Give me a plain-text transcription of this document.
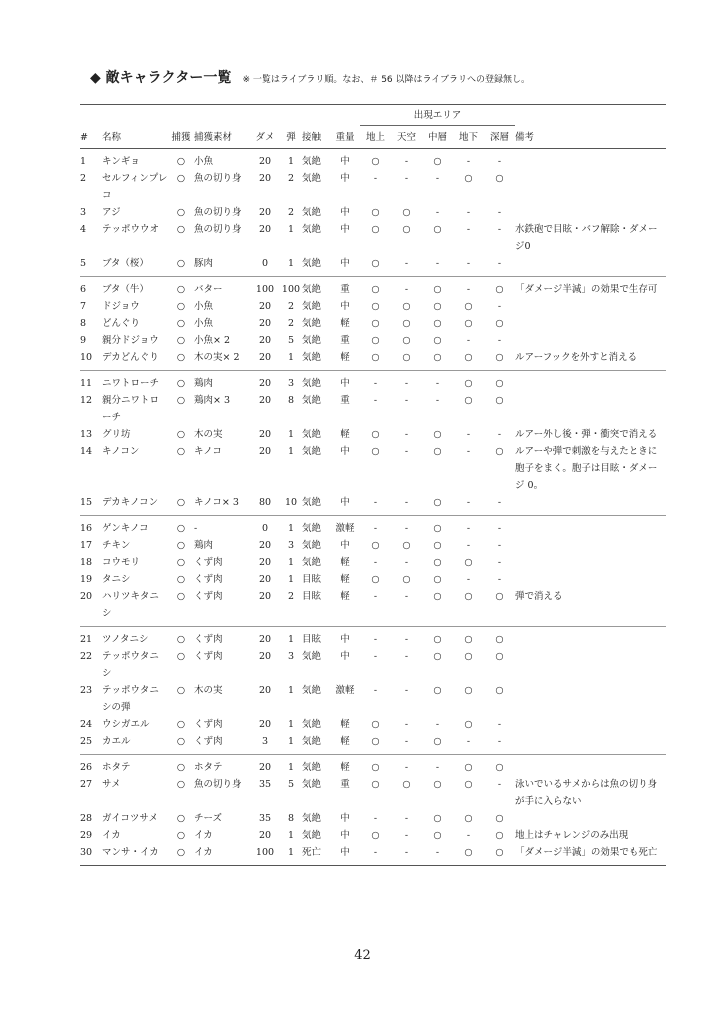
◆ 敵キャラクター一覧 ※ 一覧はライブラリ順。なお、＃ 56 以降はライブラリへの登録無し。
								出現エリア					
#	名称	捕獲	捕獲素材	ダメ	弾	接触	重量	地上	天空	中層	地下	深層	備考
1	キンギョ	○	小魚	20	1	気絶	中	○	-	○	-	-	
2	セルフィンプレコ	○	魚の切り身	20	2	気絶	中	-	-	-	○	○	
3	アジ	○	魚の切り身	20	2	気絶	中	○	○	-	-	-	
4	テッポウウオ	○	魚の切り身	20	1	気絶	中	○	○	○	-	-	水鉄砲で目眩・バフ解除・ダメージ0
5	ブタ（桜）	○	豚肉	0	1	気絶	中	○	-	-	-	-	
6	ブタ（牛）	○	バター	100	100	気絶	重	○	-	○	-	○	「ダメージ半減」の効果で生存可
7	ドジョウ	○	小魚	20	2	気絶	中	○	○	○	○	-	
8	どんぐり	○	小魚	20	2	気絶	軽	○	○	○	○	○	
9	親分ドジョウ	○	小魚× 2	20	5	気絶	重	○	○	○	-	-	
10	デカどんぐり	○	木の実× 2	20	1	気絶	軽	○	○	○	○	○	ルアーフックを外すと消える
11	ニワトローチ	○	鶏肉	20	3	気絶	中	-	-	-	○	○	
12	親分ニワトローチ	○	鶏肉× 3	20	8	気絶	重	-	-	-	○	○	
13	グリ坊	○	木の実	20	1	気絶	軽	○	-	○	-	-	ルアー外し後・弾・衝突で消える
14	キノコン	○	キノコ	20	1	気絶	中	○	-	○	-	○	ルアーや弾で刺激を与えたときに胞子をまく。胞子は目眩・ダメージ 0。
15	デカキノコン	○	キノコ× 3	80	10	気絶	中	-	-	○	-	-	
16	ゲンキノコ	○	-	0	1	気絶	激軽	-	-	○	-	-	
17	チキン	○	鶏肉	20	3	気絶	中	○	○	○	-	-	
18	コウモリ	○	くず肉	20	1	気絶	軽	-	-	○	○	-	
19	タニシ	○	くず肉	20	1	目眩	軽	○	○	○	-	-	
20	ハリツキタニシ	○	くず肉	20	2	目眩	軽	-	-	○	○	○	弾で消える
21	ツノタニシ	○	くず肉	20	1	目眩	中	-	-	○	○	○	
22	テッポウタニシ	○	くず肉	20	3	気絶	中	-	-	○	○	○	
23	テッポウタニシの弾	○	木の実	20	1	気絶	激軽	-	-	○	○	○	
24	ウシガエル	○	くず肉	20	1	気絶	軽	○	-	-	○	-	
25	カエル	○	くず肉	3	1	気絶	軽	○	-	○	-	-	
26	ホタテ	○	ホタテ	20	1	気絶	軽	○	-	-	○	○	
27	サメ	○	魚の切り身	35	5	気絶	重	○	○	○	○	-	泳いでいるサメからは魚の切り身が手に入らない
28	ガイコツサメ	○	チーズ	35	8	気絶	中	-	-	○	○	○	
29	イカ	○	イカ	20	1	気絶	中	○	-	○	-	○	地上はチャレンジのみ出現
30	マンサ・イカ	○	イカ	100	1	死亡	中	-	-	-	○	○	「ダメージ半減」の効果でも死亡
42
